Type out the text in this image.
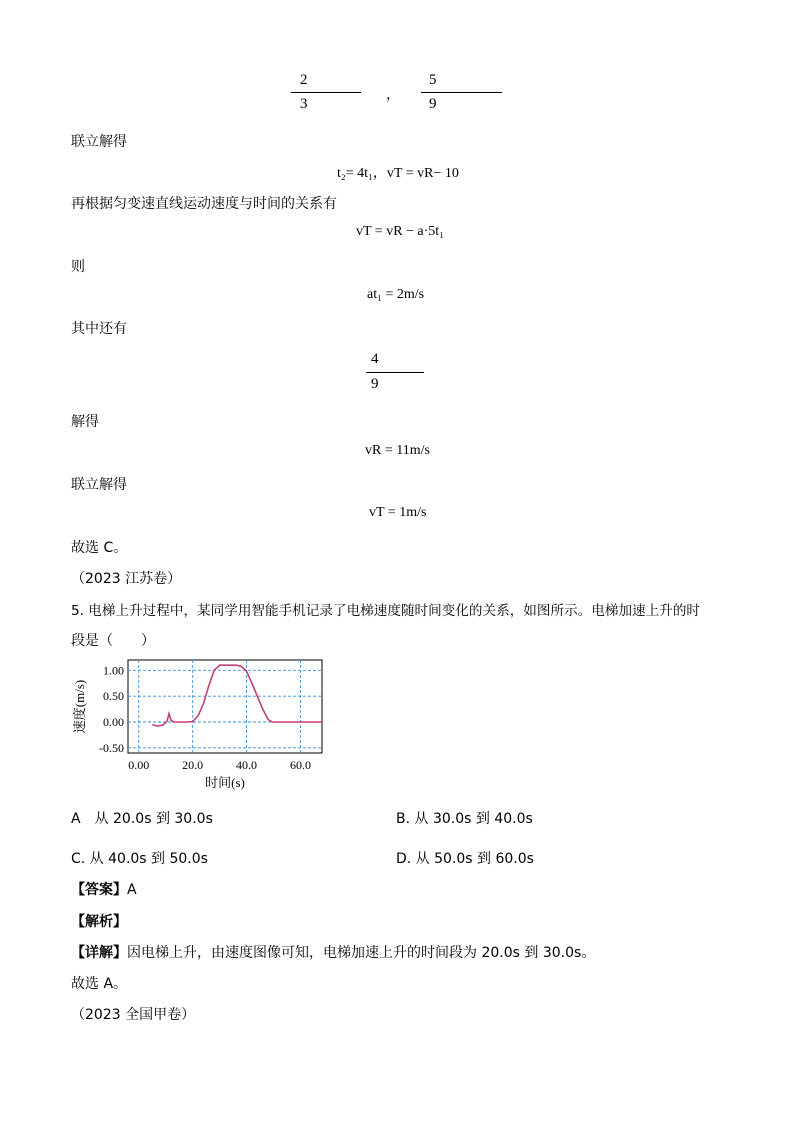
2
3
，
5
9
联立解得
t₂= 4t₁，vT = vR− 10
再根据匀变速直线运动速度与时间的关系有
vT = vR − a·5t₁
则
at₁ = 2m/s
其中还有
4
9
解得
vR = 11m/s
联立解得
vT = 1m/s
故选 C。
（2023 江苏卷）
5. 电梯上升过程中，某同学用智能手机记录了电梯速度随时间变化的关系，如图所示。电梯加速上升的时
段是（　　）
1.00
0.50
0.00
-0.50
0.00	20.0	40.0	60.0
速度(m/s)
时间(s)
A　从 20.0s 到 30.0s	B. 从 30.0s 到 40.0s
C. 从 40.0s 到 50.0s	D. 从 50.0s 到 60.0s
【答案】A
【解析】
【详解】因电梯上升，由速度图像可知，电梯加速上升的时间段为 20.0s 到 30.0s。
故选 A。
（2023 全国甲卷）
